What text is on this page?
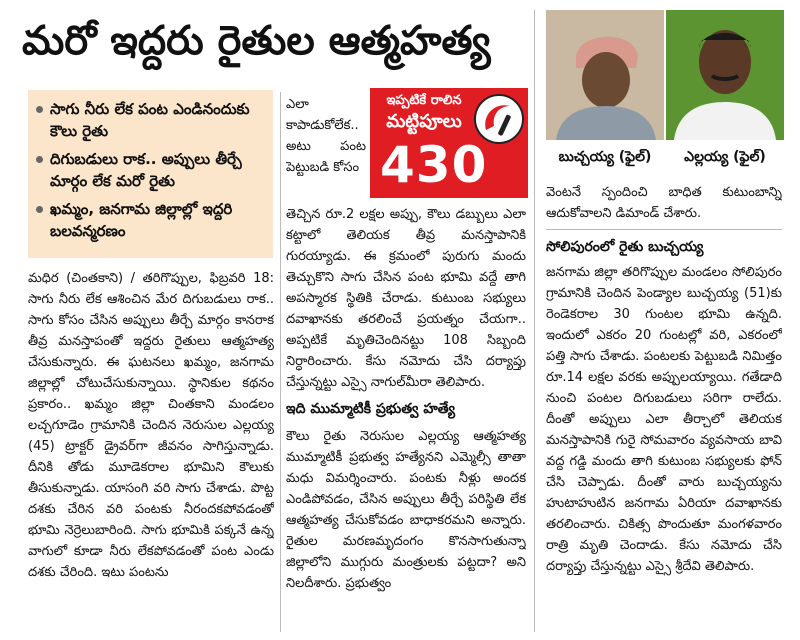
మరో ఇద్దరు రైతుల ఆత్మహత్య
సాగు నీరు లేక పంట ఎండినందుకు కౌలు రైతు
దిగుబడులు రాక.. అప్పులు తీర్చే మార్గం లేక మరో రైతు
ఖమ్మం, జనగామ జిల్లాల్లో ఇద్దరి బలవన్మరణం

మధిర (చింతకాని) / తరిగొప్పుల, ఫిబ్రవరి 18: సాగు నీరు లేక ఆశించిన మేర దిగుబడులు రాక.. సాగు కోసం చేసిన అప్పులు తీర్చే మార్గం కానరాక తీవ్ర మనస్తాపంతో ఇద్దరు రైతులు ఆత్మహత్య చేసుకున్నారు. ఈ ఘటనలు ఖమ్మం, జనగామ జిల్లాల్లో చోటుచేసుకున్నాయి. స్థానికుల కథనం ప్రకారం.. ఖమ్మం జిల్లా చింతకాని మండలం లచ్చగూడెం గ్రామానికి చెందిన నెరుసుల ఎల్లయ్య (45) ట్రాక్టర్ డ్రైవర్‌గా జీవనం సాగిస్తున్నాడు. దీనికి తోడు మూడెకరాల భూమిని కౌలుకు తీసుకున్నాడు. యాసంగి వరి సాగు చేశాడు. పొట్ట దశకు చేరిన వరి పంటకు నీరందకపోవడంతో భూమి నెర్రెలుబారింది. సాగు భూమికి పక్కనే ఉన్న వాగులో కూడా నీరు లేకపోవడంతో పంట ఎండు దశకు చేరింది. ఇటు పంటను

ఎలా కాపాడుకోలేక.. అటు పంట పెట్టుబడి కోసం

ఇప్పటికే రాలిన
మట్టిపూలు
430

తెచ్చిన రూ.2 లక్షల అప్పు, కౌలు డబ్బులు ఎలా కట్టాలో తెలియక తీవ్ర మనస్తాపానికి గురయ్యాడు. ఈ క్రమంలో పురుగు మందు తెచ్చుకొని సాగు చేసిన పంట భూమి వద్దే తాగి అపస్మారక స్థితికి చేరాడు. కుటుంబ సభ్యులు దవాఖానకు తరలించే ప్రయత్నం చేయగా.. అప్పటికే మృతిచెందినట్టు 108 సిబ్బంది నిర్ధారించారు. కేసు నమోదు చేసి దర్యాప్తు చేస్తున్నట్టు ఎస్సై నాగుల్‌మీరా తెలిపారు.

ఇది ముమ్మాటికీ ప్రభుత్వ హత్యే

కౌలు రైతు నెరుసుల ఎల్లయ్య ఆత్మహత్య ముమ్మాటికీ ప్రభుత్వ హత్యేనని ఎమ్మెల్సీ తాతా మధు విమర్శించారు. పంటకు నీళ్లు అందక ఎండిపోవడం, చేసిన అప్పులు తీర్చే పరిస్థితి లేక ఆత్మహత్య చేసుకోవడం బాధాకరమని అన్నారు. రైతుల మరణమృదంగం కొనసాగుతున్నా జిల్లాలోని ముగ్గురు మంత్రులకు పట్టదా? అని నిలదీశారు. ప్రభుత్వం

బుచ్చయ్య (ఫైల్)	ఎల్లయ్య (ఫైల్)

వెంటనే స్పందించి బాధిత కుటుంబాన్ని ఆదుకోవాలని డిమాండ్ చేశారు.

సోలిపురంలో రైతు బుచ్చయ్య

జనగామ జిల్లా తరిగొప్పుల మండలం సోలిపురం గ్రామానికి చెందిన పెండ్యాల బుచ్చయ్య (51)కు రెండెకరాల 30 గుంటల భూమి ఉన్నది. ఇందులో ఎకరం 20 గుంటల్లో వరి, ఎకరంలో పత్తి సాగు చేశాడు. పంటలకు పెట్టుబడి నిమిత్తం రూ.14 లక్షల వరకు అప్పులయ్యాయి. గతేడాది నుంచి పంటల దిగుబడులు సరిగా రాలేదు. దీంతో అప్పులు ఎలా తీర్చాలో తెలియక మనస్తాపానికి గురై సోమవారం వ్యవసాయ బావి వద్ద గడ్డి మందు తాగి కుటుంబ సభ్యులకు ఫోన్ చేసి చెప్పాడు. దీంతో వారు బుచ్చయ్యను హుటాహుటిన జనగామ ఏరియా దవాఖానకు తరలించారు. చికిత్స పొందుతూ మంగళవారం రాత్రి మృతి చెందాడు. కేసు నమోదు చేసి దర్యాప్తు చేస్తున్నట్టు ఎస్సై శ్రీదేవి తెలిపారు.
